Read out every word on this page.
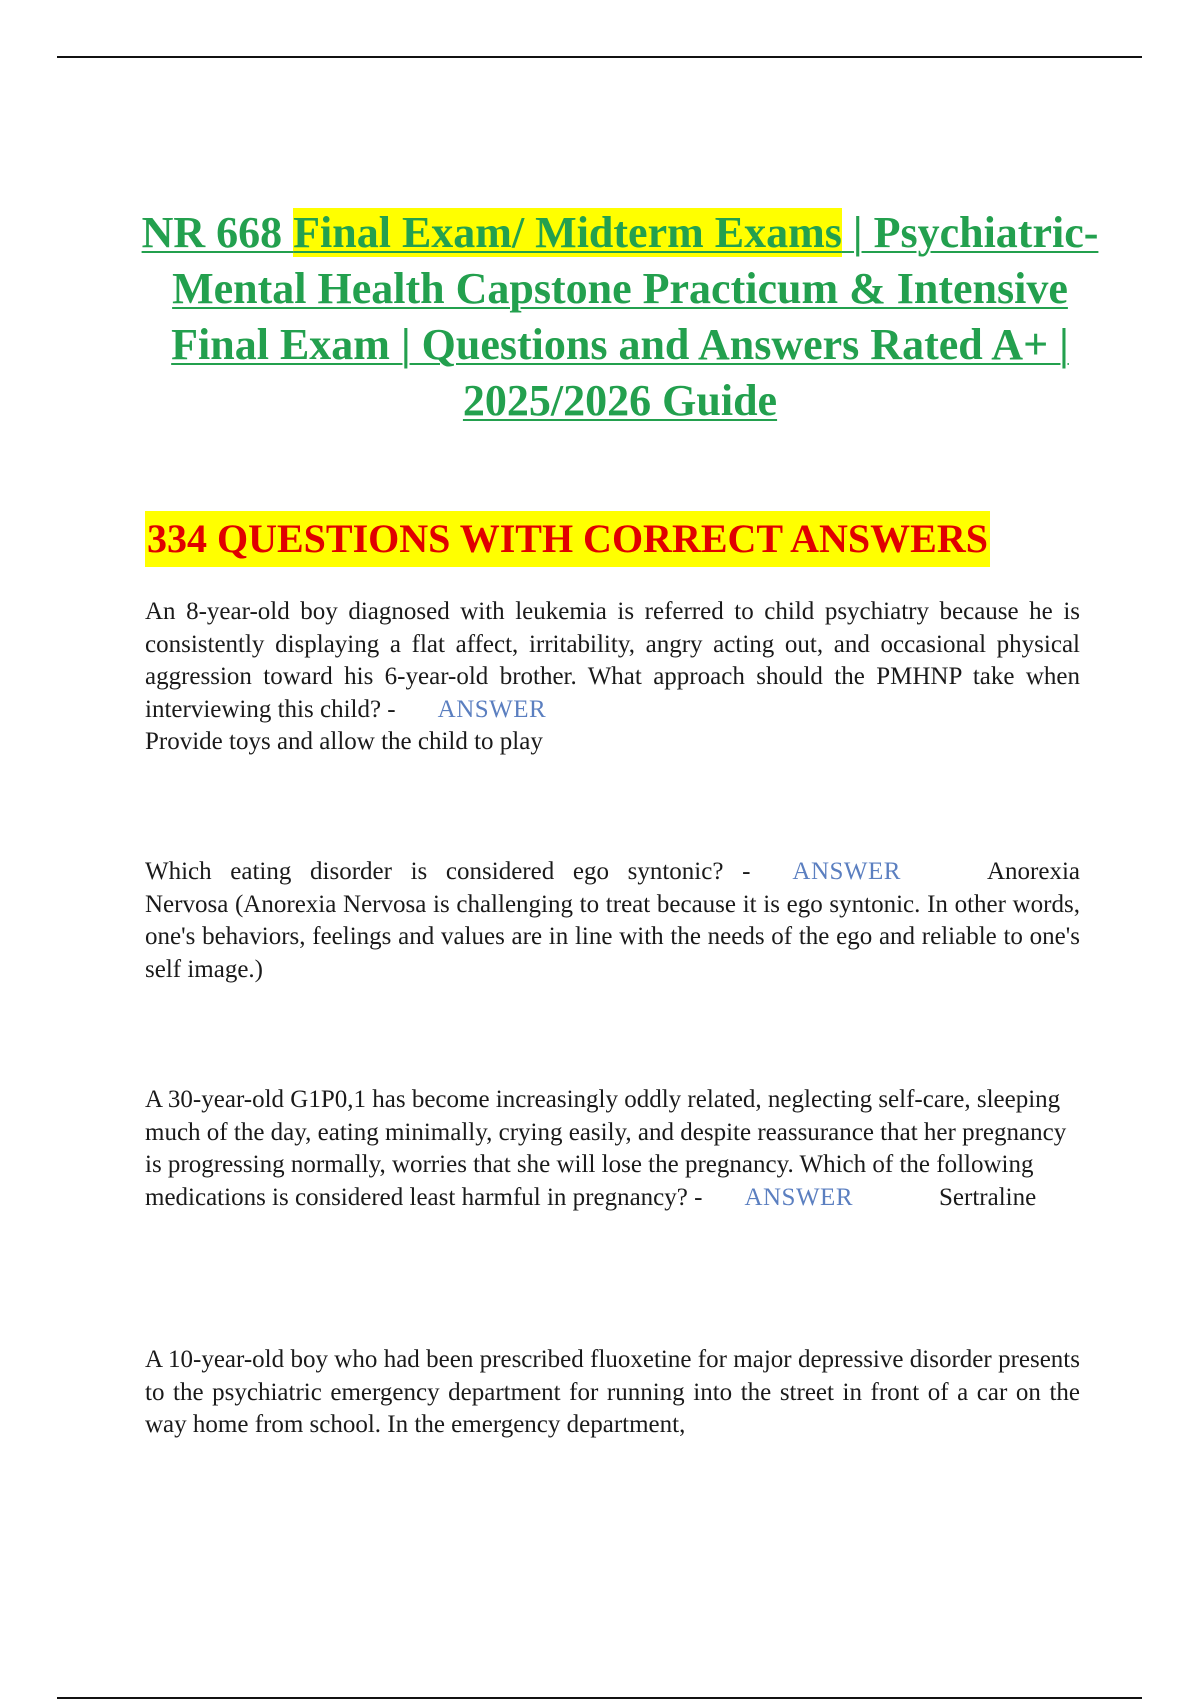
NR 668 Final Exam/ Midterm Exams | Psychiatric-Mental Health Capstone Practicum & Intensive Final Exam | Questions and Answers Rated A+ | 2025/2026 Guide
334 QUESTIONS WITH CORRECT ANSWERS

An 8-year-old boy diagnosed with leukemia is referred to child psychiatry because he is consistently displaying a flat affect, irritability, angry acting out, and occasional physical aggression toward his 6-year-old brother. What approach should the PMHNP take when interviewing this child? - ANSWER
Provide toys and allow the child to play

Which eating disorder is considered ego syntonic? - ANSWER	Anorexia Nervosa (Anorexia Nervosa is challenging to treat because it is ego syntonic. In other words, one's behaviors, feelings and values are in line with the needs of the ego and reliable to one's self image.)

A 30-year-old G1P0,1 has become increasingly oddly related, neglecting self-care, sleeping much of the day, eating minimally, crying easily, and despite reassurance that her pregnancy is progressing normally, worries that she will lose the pregnancy. Which of the following medications is considered least harmful in pregnancy? - ANSWER	Sertraline

A 10-year-old boy who had been prescribed fluoxetine for major depressive disorder presents to the psychiatric emergency department for running into the street in front of a car on the way home from school. In the emergency department,
